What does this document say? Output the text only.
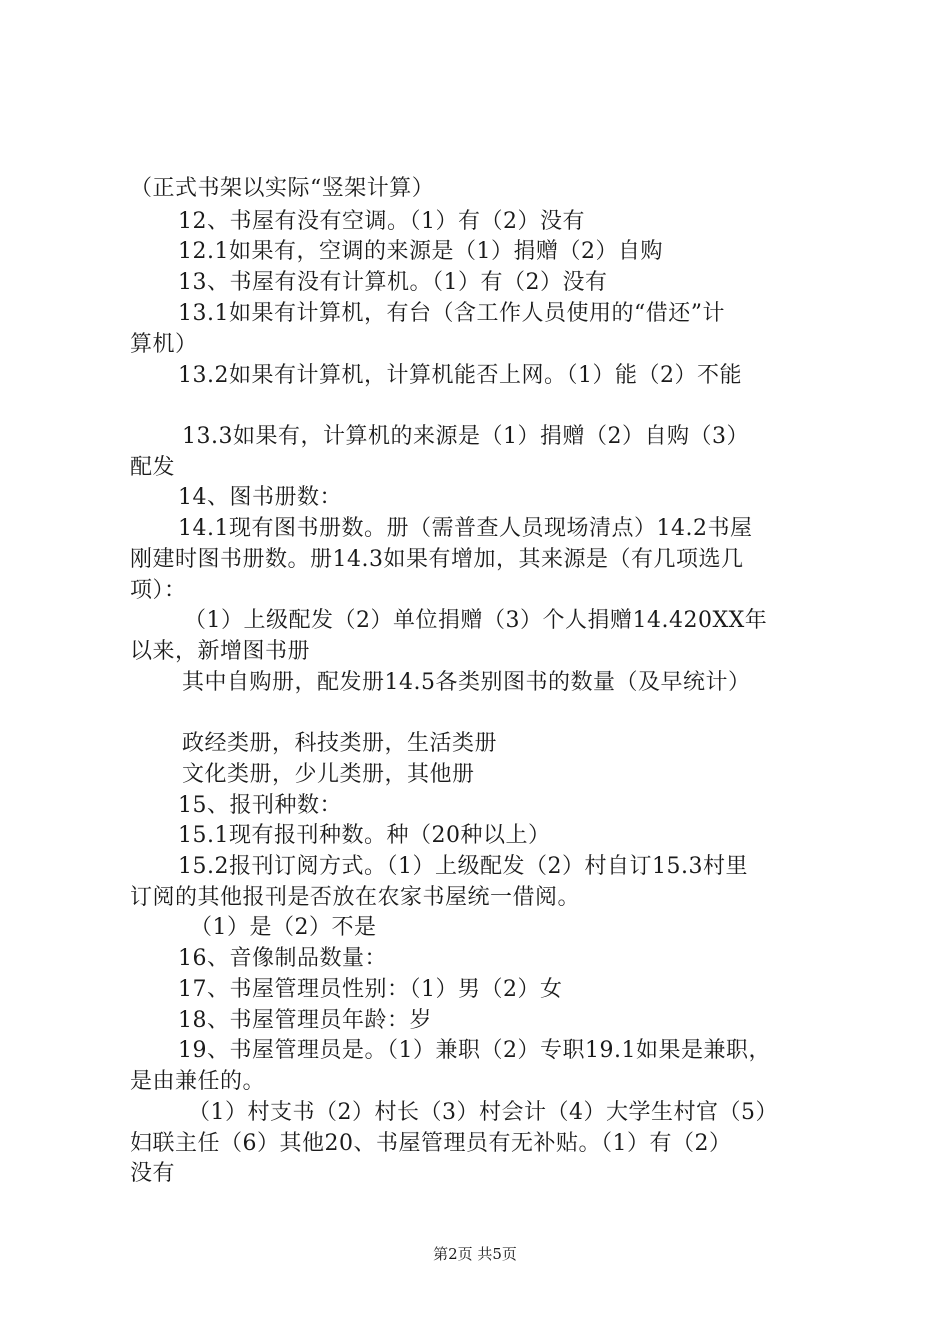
（正式书架以实际“竖架计算）
12、书屋有没有空调。（1）有（2）没有
12.1如果有，空调的来源是（1）捐赠（2）自购
13、书屋有没有计算机。（1）有（2）没有
13.1如果有计算机，有台（含工作人员使用的“借还”计
算机）
13.2如果有计算机，计算机能否上网。（1）能（2）不能
13.3如果有，计算机的来源是（1）捐赠（2）自购（3）
配发
14、图书册数：
14.1现有图书册数。册（需普查人员现场清点）14.2书屋
刚建时图书册数。册14.3如果有增加，其来源是（有几项选几
项）：
（1）上级配发（2）单位捐赠（3）个人捐赠14.420XX年
以来，新增图书册
其中自购册，配发册14.5各类别图书的数量（及早统计）
政经类册，科技类册，生活类册
文化类册，少儿类册，其他册
15、报刊种数：
15.1现有报刊种数。种（20种以上）
15.2报刊订阅方式。（1）上级配发（2）村自订15.3村里
订阅的其他报刊是否放在农家书屋统一借阅。
（1）是（2）不是
16、音像制品数量：
17、书屋管理员性别：（1）男（2）女
18、书屋管理员年龄：岁
19、书屋管理员是。（1）兼职（2）专职19.1如果是兼职，
是由兼任的。
（1）村支书（2）村长（3）村会计（4）大学生村官（5）
妇联主任（6）其他20、书屋管理员有无补贴。（1）有（2）
没有
第2页 共5页
